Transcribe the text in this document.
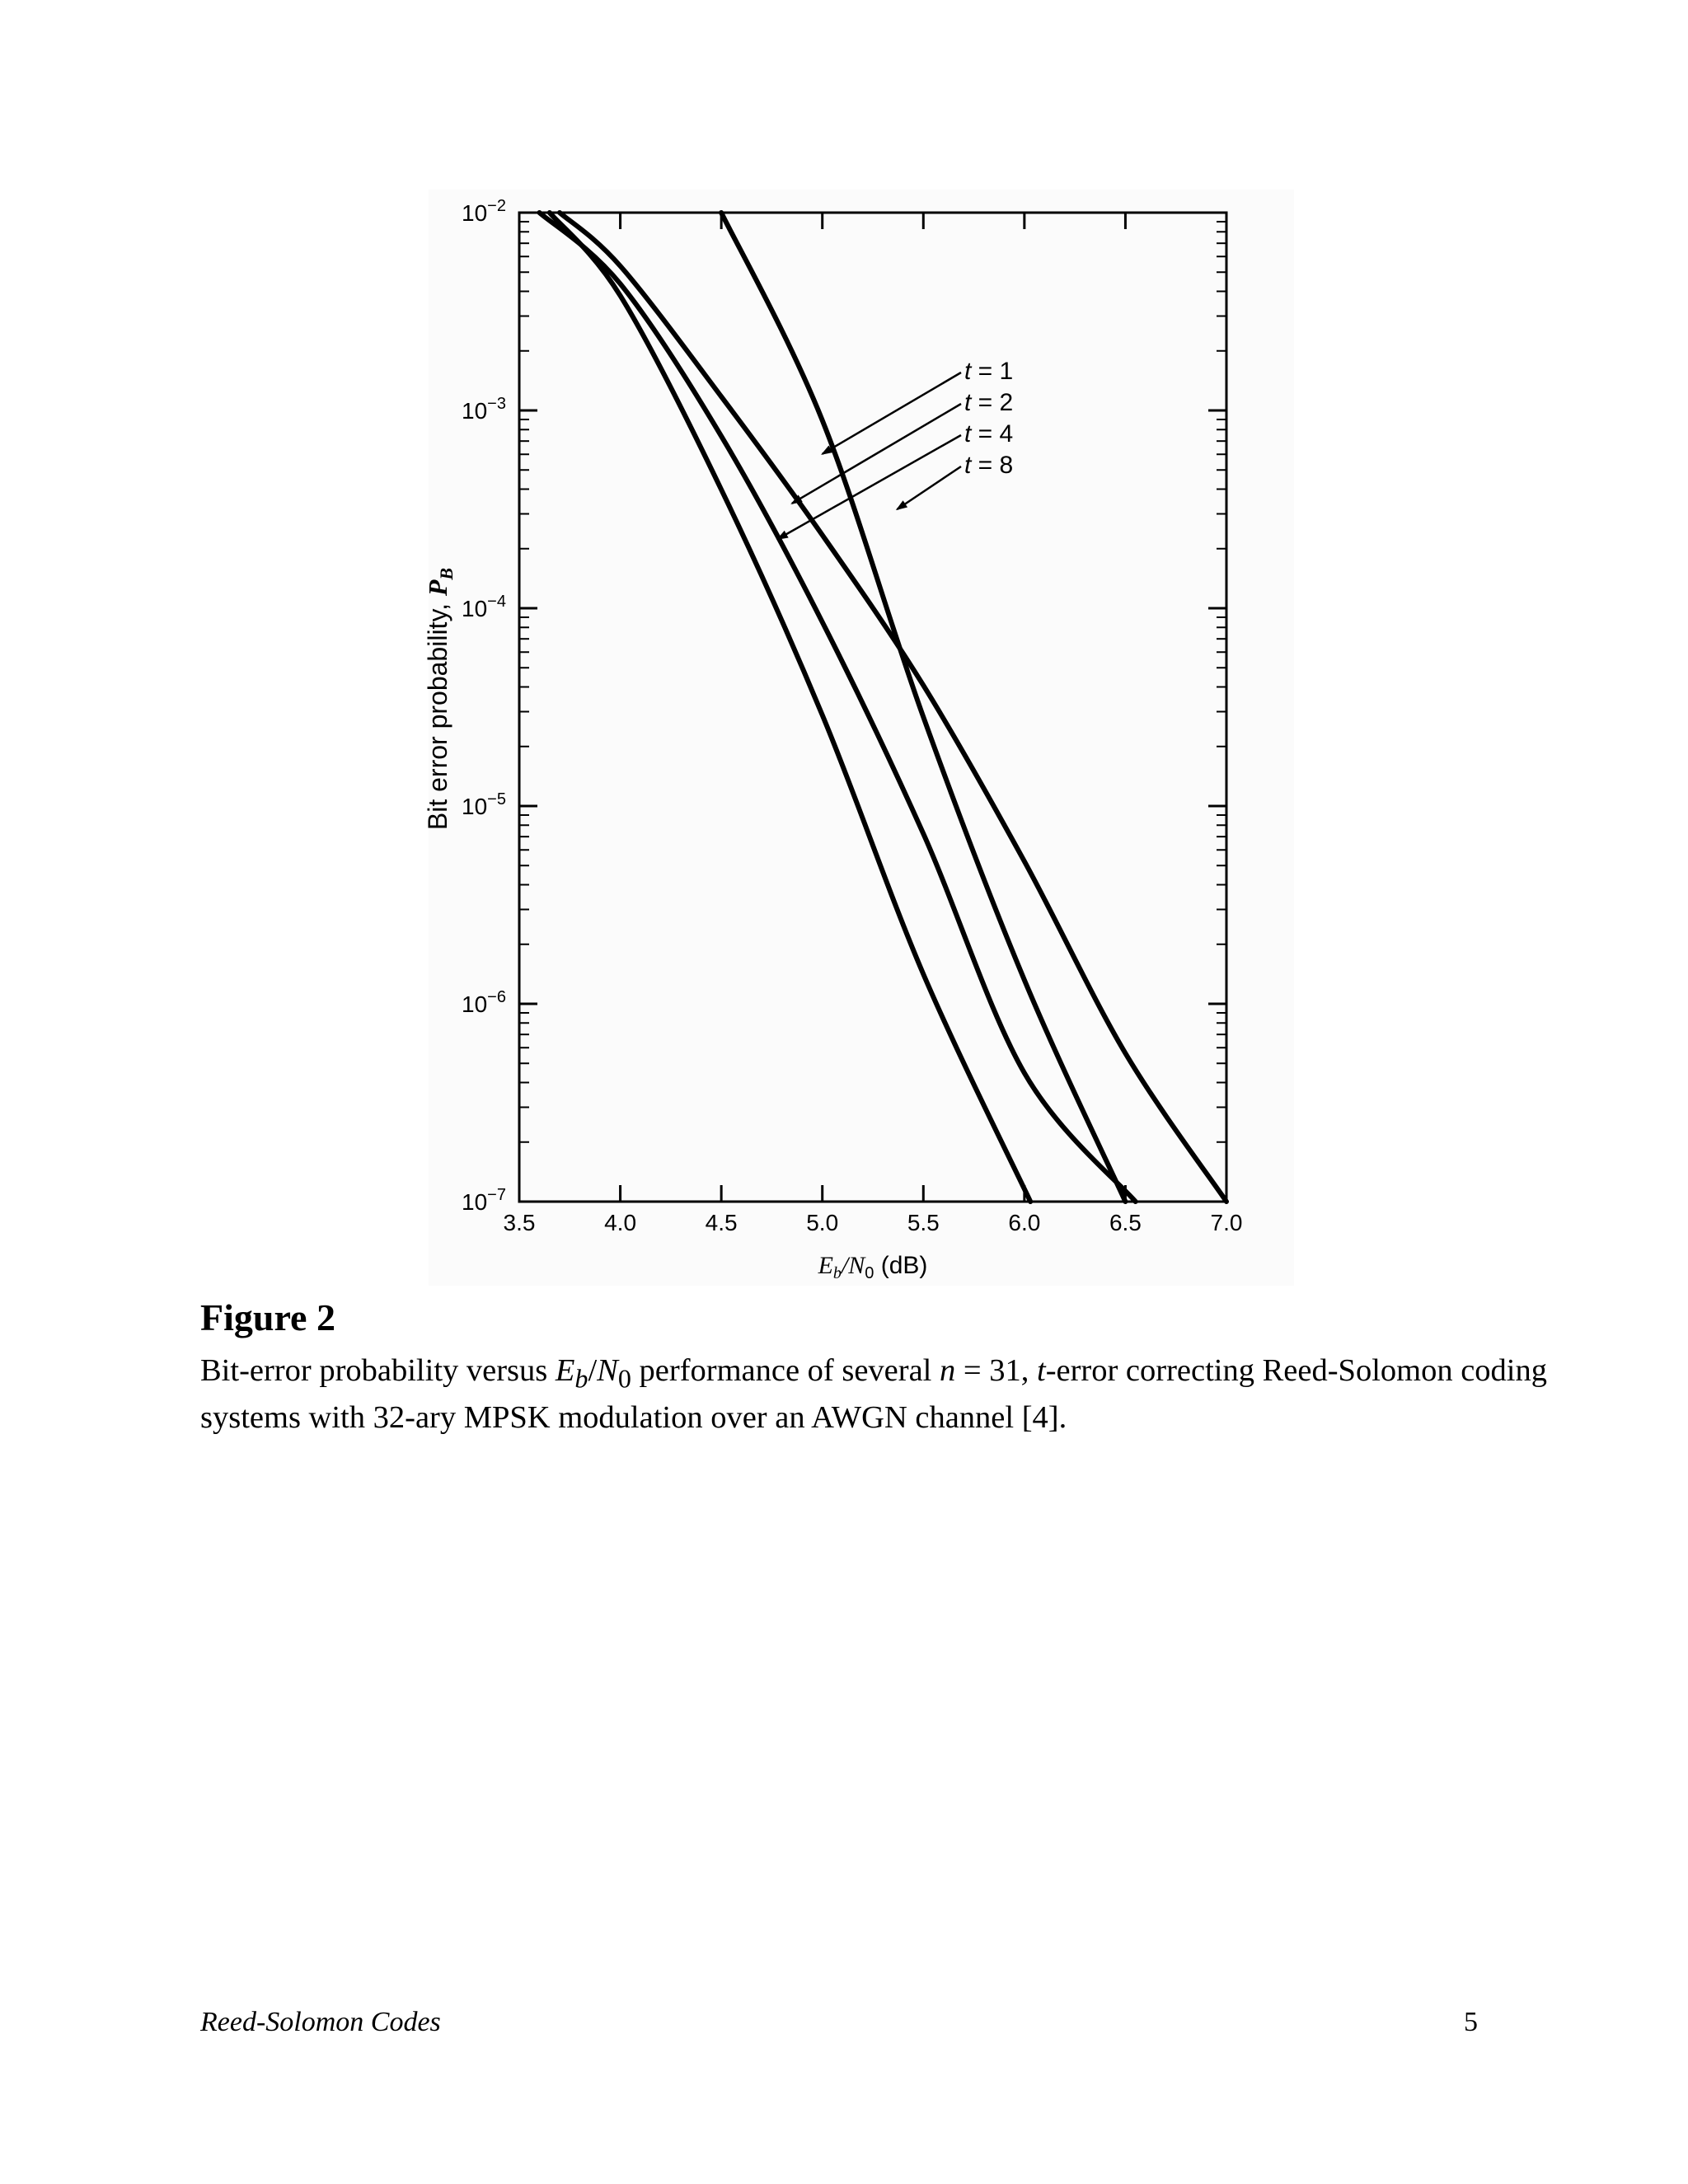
t = 1
t = 2
t = 4
t = 8
3.5	4.0	4.5	5.0	5.5	6.0	6.5	7.0
$10^{-2}$
$10^{-3}$
$10^{-4}$
$10^{-5}$
$10^{-6}$
$10^{-7}$
$E_b/N_0$ (dB)
Bit error probability, $P_B$
Figure 2
Bit-error probability versus $E_b/N_0$ performance of several n = 31, t-error correcting Reed-Solomon coding systems with 32-ary MPSK modulation over an AWGN channel [4].
Reed-Solomon Codes	5
